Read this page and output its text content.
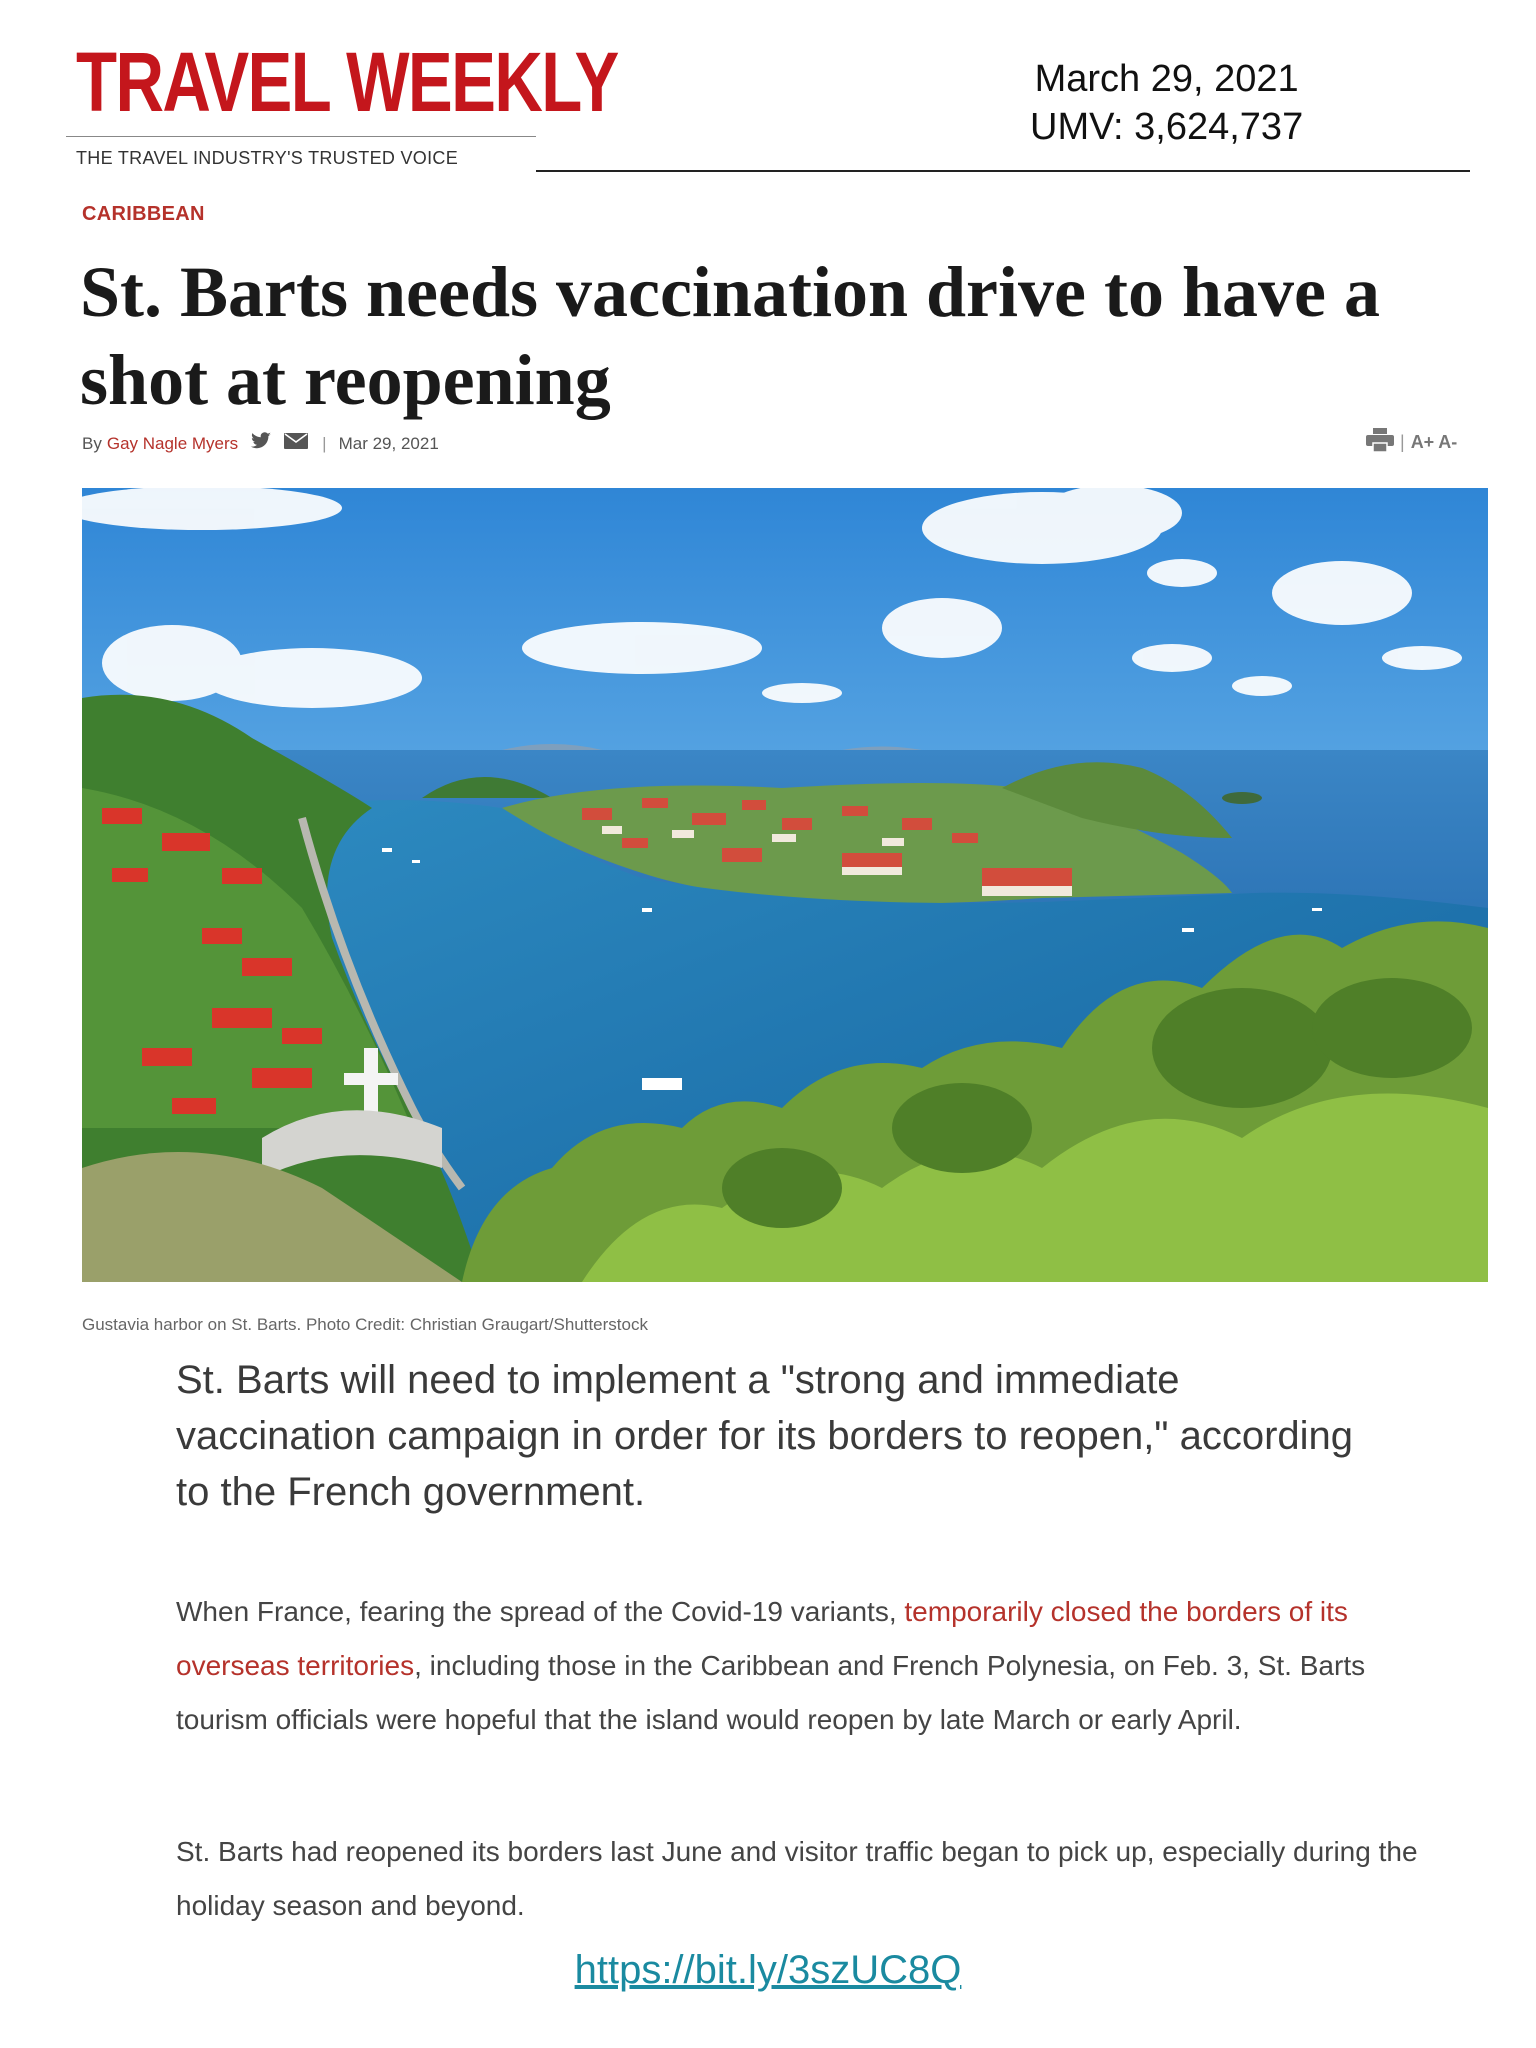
TRAVEL WEEKLY
THE TRAVEL INDUSTRY'S TRUSTED VOICE
March 29, 2021
UMV: 3,624,737
CARIBBEAN
St. Barts needs vaccination drive to have a shot at reopening
By Gay Nagle Myers	| Mar 29, 2021	| A+ A-
Gustavia harbor on St. Barts. Photo Credit: Christian Graugart/Shutterstock

St. Barts will need to implement a "strong and immediate vaccination campaign in order for its borders to reopen," according to the French government.

When France, fearing the spread of the Covid-19 variants, temporarily closed the borders of its overseas territories, including those in the Caribbean and French Polynesia, on Feb. 3, St. Barts tourism officials were hopeful that the island would reopen by late March or early April.

St. Barts had reopened its borders last June and visitor traffic began to pick up, especially during the holiday season and beyond.

https://bit.ly/3szUC8Q
